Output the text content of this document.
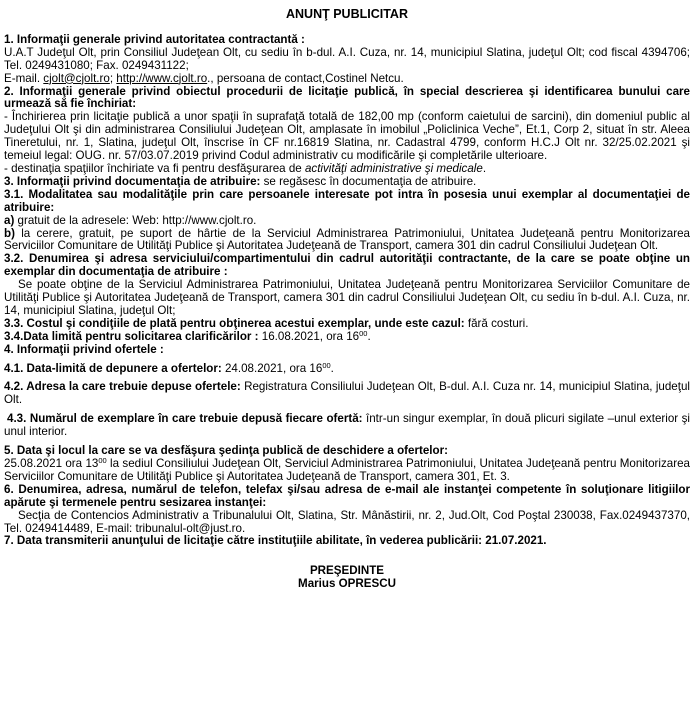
ANUNŢ PUBLICITAR

1. Informaţii generale privind autoritatea contractantă :

U.A.T Judeţul Olt, prin Consiliul Judeţean Olt, cu sediu în b-dul. A.I. Cuza, nr. 14, municipiul Slatina, judeţul Olt; cod fiscal 4394706; Tel. 0249431080; Fax. 0249431122;

E-mail. cjolt@cjolt.ro; http://www.cjolt.ro., persoana de contact,Costinel Netcu.

2. Informaţii generale privind obiectul procedurii de licitaţie publică, în special descrierea şi identificarea bunului care urmează să fie închiriat:

- Închirierea prin licitaţie publică a unor spaţii în suprafaţă totală de 182,00 mp (conform caietului de sarcini), din domeniul public al Judeţului Olt şi din administrarea Consiliului Judeţean Olt, amplasate în imobilul „Policlinica Veche”, Et.1, Corp 2, situat în str. Aleea Tineretului, nr. 1, Slatina, judeţul Olt, înscrise în CF nr.16819 Slatina, nr. Cadastral 4799, conform H.C.J Olt nr. 32/25.02.2021 şi temeiul legal: OUG. nr. 57/03.07.2019 privind Codul administrativ cu modificările şi completările ulterioare.

- destinaţia spaţiilor închiriate va fi pentru desfăşurarea de activităţi administrative şi medicale.

3. Informaţii privind documentaţia de atribuire: se regăsesc în documentaţia de atribuire.

3.1. Modalitatea sau modalităţile prin care persoanele interesate pot intra în posesia unui exemplar al documentaţiei de atribuire:

a) gratuit de la adresele: Web: http://www.cjolt.ro.

b) la cerere, gratuit, pe suport de hârtie de la Serviciul Administrarea Patrimoniului, Unitatea Judeţeană pentru Monitorizarea Serviciilor Comunitare de Utilităţi Publice şi Autoritatea Judeţeană de Transport, camera 301 din cadrul Consiliului Judeţean Olt.

3.2. Denumirea şi adresa serviciului/compartimentului din cadrul autorităţii contractante, de la care se poate obţine un exemplar din documentaţia de atribuire :

Se poate obţine de la Serviciul Administrarea Patrimoniului, Unitatea Judeţeană pentru Monitorizarea Serviciilor Comunitare de Utilităţi Publice şi Autoritatea Judeţeană de Transport, camera 301 din cadrul Consiliului Judeţean Olt, cu sediu în b-dul. A.I. Cuza, nr. 14, municipiul Slatina, judeţul Olt;

3.3. Costul şi condiţiile de plată pentru obţinerea acestui exemplar, unde este cazul: fără costuri.

3.4.Data limită pentru solicitarea clarificărilor : 16.08.2021, ora $16^{00}$.

4. Informaţii privind ofertele :

4.1. Data-limită de depunere a ofertelor: 24.08.2021, ora $16^{00}$.

4.2. Adresa la care trebuie depuse ofertele: Registratura Consiliului Judeţean Olt, B-dul. A.I. Cuza nr. 14, municipiul Slatina, judeţul Olt.

4.3. Numărul de exemplare în care trebuie depusă fiecare ofertă: într-un singur exemplar, în două plicuri sigilate –unul exterior şi unul interior.

5. Data şi locul la care se va desfăşura şedinţa publică de deschidere a ofertelor:

25.08.2021 ora $13^{00}$ la sediul Consiliului Judeţean Olt, Serviciul Administrarea Patrimoniului, Unitatea Judeţeană pentru Monitorizarea Serviciilor Comunitare de Utilităţi Publice şi Autoritatea Judeţeană de Transport, camera 301, Et. 3.

6. Denumirea, adresa, numărul de telefon, telefax şi/sau adresa de e-mail ale instanţei competente în soluţionare litigiilor apărute şi termenele pentru sesizarea instanţei:

Secţia de Contencios Administrativ a Tribunalului Olt, Slatina, Str. Mânăstirii, nr. 2, Jud.Olt, Cod Poştal 230038, Fax.0249437370, Tel. 0249414489, E-mail: tribunalul-olt@just.ro.

7. Data transmiterii anunţului de licitaţie către instituţiile abilitate, în vederea publicării: 21.07.2021.

PREŞEDINTE
Marius OPRESCU
